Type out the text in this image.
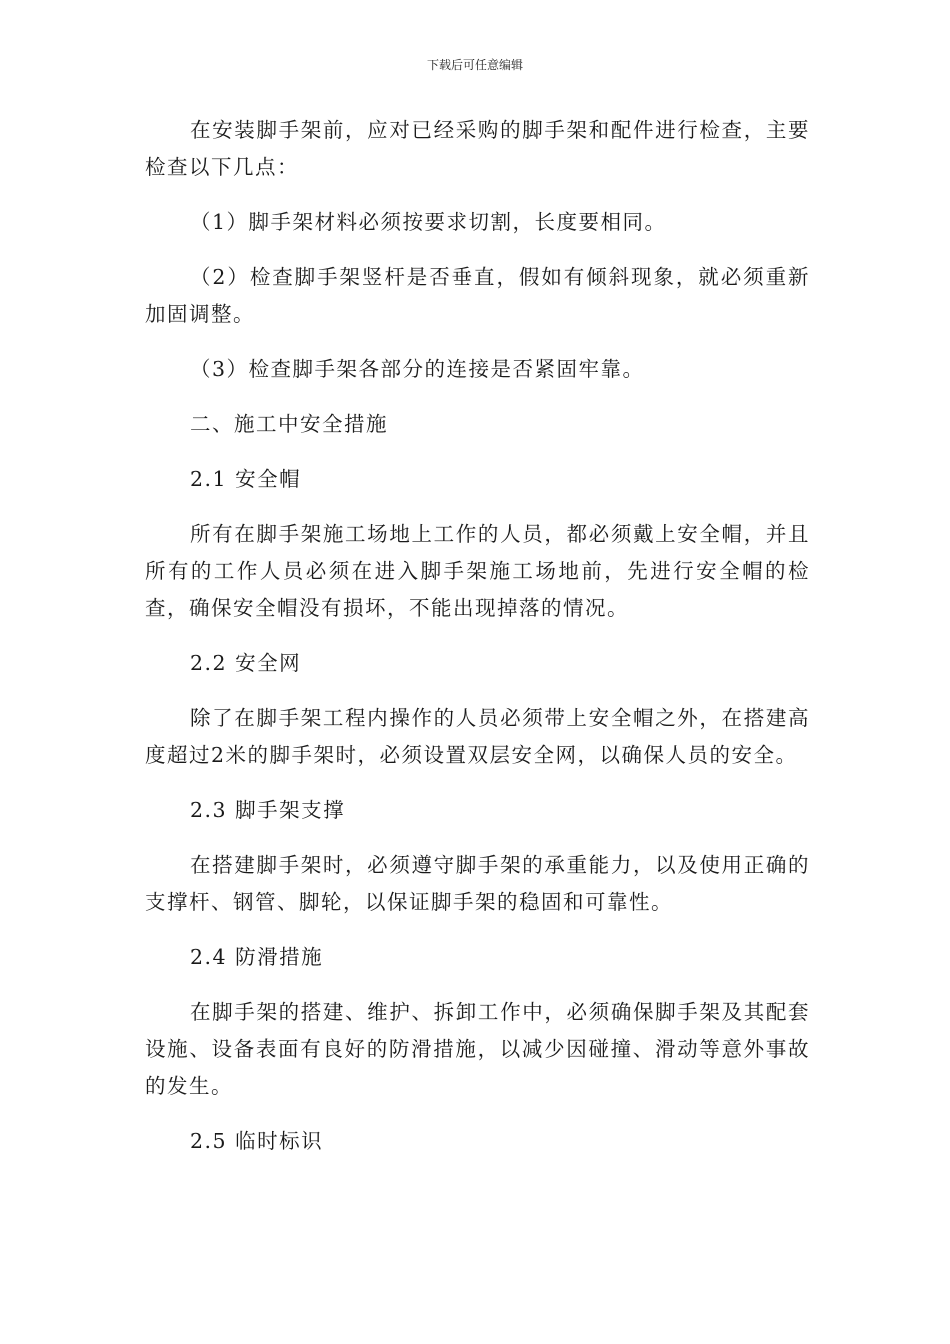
下载后可任意编辑

在安装脚手架前，应对已经采购的脚手架和配件进行检查，主要检查以下几点：

（1）脚手架材料必须按要求切割，长度要相同。

（2）检查脚手架竖杆是否垂直，假如有倾斜现象，就必须重新加固调整。

（3）检查脚手架各部分的连接是否紧固牢靠。

二、施工中安全措施

2.1 安全帽

所有在脚手架施工场地上工作的人员，都必须戴上安全帽，并且所有的工作人员必须在进入脚手架施工场地前，先进行安全帽的检查，确保安全帽没有损坏，不能出现掉落的情况。

2.2 安全网

除了在脚手架工程内操作的人员必须带上安全帽之外，在搭建高度超过2米的脚手架时，必须设置双层安全网，以确保人员的安全。

2.3 脚手架支撑

在搭建脚手架时，必须遵守脚手架的承重能力，以及使用正确的支撑杆、钢管、脚轮，以保证脚手架的稳固和可靠性。

2.4 防滑措施

在脚手架的搭建、维护、拆卸工作中，必须确保脚手架及其配套设施、设备表面有良好的防滑措施，以减少因碰撞、滑动等意外事故的发生。

2.5 临时标识
